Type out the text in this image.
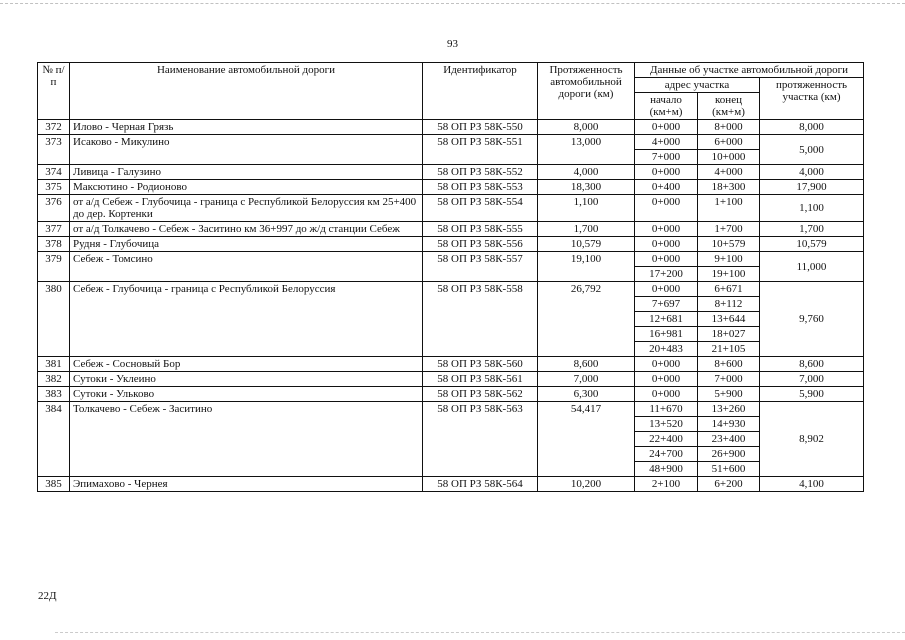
93
№ п/п	Наименование автомобильной дороги	Идентификатор	Протяженность автомобильной дороги (км)	Данные об участке автомобильной дороги		
				адрес участка		протяженность участка (км)
				начало (км+м)	конец (км+м)	
372	Илово - Черная Грязь	58 ОП РЗ 58К-550	8,000	0+000	8+000	8,000
373	Исаково - Микулино	58 ОП РЗ 58К-551	13,000	4+000	6+000	5,000
				7+000	10+000	
374	Ливица - Галузино	58 ОП РЗ 58К-552	4,000	0+000	4+000	4,000
375	Максютино - Родионово	58 ОП РЗ 58К-553	18,300	0+400	18+300	17,900
376	от а/д Себеж - Глубочица - граница с Республикой Белоруссия км 25+400 до дер. Кортенки	58 ОП РЗ 58К-554	1,100	0+000	1+100	1,100
377	от а/д Толкачево - Себеж - Заситино км 36+997 до ж/д станции Себеж	58 ОП РЗ 58К-555	1,700	0+000	1+700	1,700
378	Рудня - Глубочица	58 ОП РЗ 58К-556	10,579	0+000	10+579	10,579
379	Себеж - Томсино	58 ОП РЗ 58К-557	19,100	0+000	9+100	11,000
				17+200	19+100	
380	Себеж - Глубочица - граница с Республикой Белоруссия	58 ОП РЗ 58К-558	26,792	0+000	6+671	9,760
				7+697	8+112	
				12+681	13+644	
				16+981	18+027	
				20+483	21+105	
381	Себеж - Сосновый Бор	58 ОП РЗ 58К-560	8,600	0+000	8+600	8,600
382	Сутоки - Уклеино	58 ОП РЗ 58К-561	7,000	0+000	7+000	7,000
383	Сутоки - Ульково	58 ОП РЗ 58К-562	6,300	0+000	5+900	5,900
384	Толкачево - Себеж - Заситино	58 ОП РЗ 58К-563	54,417	11+670	13+260	8,902
				13+520	14+930	
				22+400	23+400	
				24+700	26+900	
				48+900	51+600	
385	Эпимахово - Чернея	58 ОП РЗ 58К-564	10,200	2+100	6+200	4,100
22Д
